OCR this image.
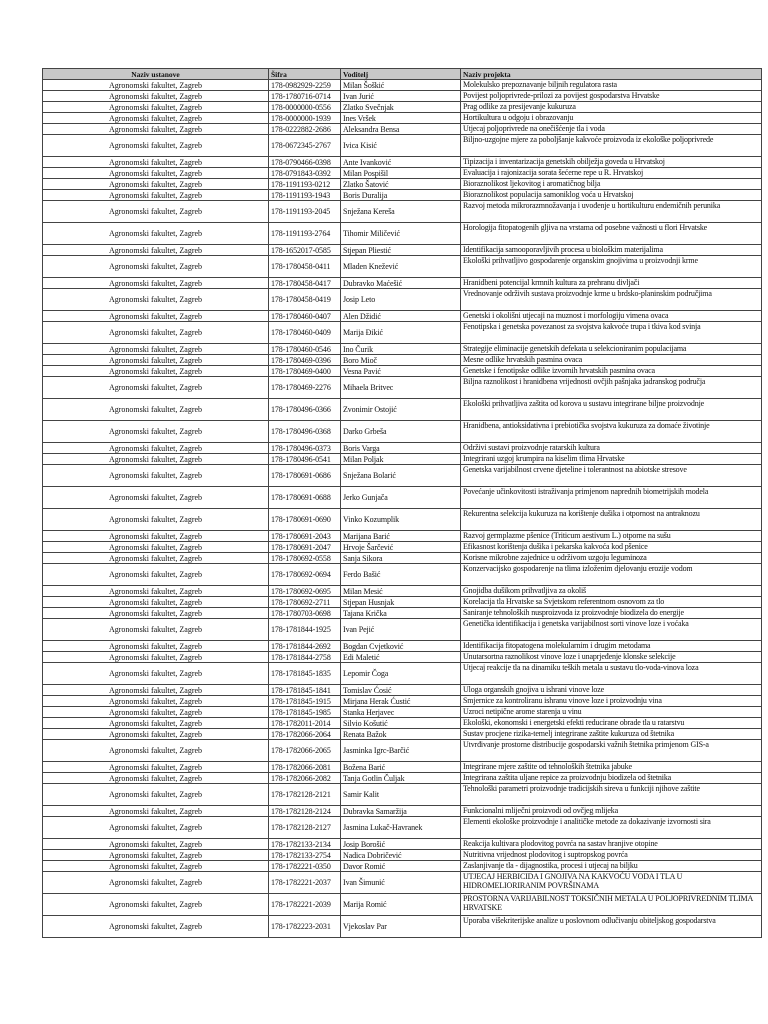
Naziv ustanove	Šifra	Voditelj	Naziv projekta
Agronomski fakultet, Zagreb	178-0982929-2259	Milan Šoškić	Molekulsko prepoznavanje biljnih regulatora rasta
Agronomski fakultet, Zagreb	178-1780716-0714	Ivan Jurić	Povijest poljoprivrede-prilozi za povijest gospodarstva Hrvatske
Agronomski fakultet, Zagreb	178-0000000-0556	Zlatko Svečnjak	Prag odlike za presijevanje kukuruza
Agronomski fakultet, Zagreb	178-0000000-1939	Ines Vršek	Hortikultura u odgoju i obrazovanju
Agronomski fakultet, Zagreb	178-0222882-2686	Aleksandra Bensa	Utjecaj poljoprivrede na onečišćenje tla i voda
Agronomski fakultet, Zagreb	178-0672345-2767	Ivica Kisić	Biljno-uzgojne mjere za poboljšanje kakvoće proizvoda iz ekološke poljoprivrede
Agronomski fakultet, Zagreb	178-0790466-0398	Ante Ivanković	Tipizacija i inventarizacija genetskih obilježja goveda u Hrvatskoj
Agronomski fakultet, Zagreb	178-0791843-0392	Milan Pospišil	Evaluacija i rajonizacija sorata šećerne repe u R. Hrvatskoj
Agronomski fakultet, Zagreb	178-1191193-0212	Zlatko Šatović	Bioraznolikost ljekovitog i aromatičnog bilja
Agronomski fakultet, Zagreb	178-1191193-1943	Boris Duralija	Bioraznolikost populacija samoniklog voća u Hrvatskoj
Agronomski fakultet, Zagreb	178-1191193-2045	Snježana Kereša	Razvoj metoda mikrorazmnožavanja i uvođenje u hortikulturu endemičnih perunika
Agronomski fakultet, Zagreb	178-1191193-2764	Tihomir Miličević	Horologija fitopatogenih gljiva na vrstama od posebne važnosti u flori Hrvatske
Agronomski fakultet, Zagreb	178-1652017-0585	Stjepan Pliestić	Identifikacija samooporavljivih procesa u biološkim materijalima
Agronomski fakultet, Zagreb	178-1780458-0411	Mladen Knežević	Ekološki prihvatljivo gospodarenje organskim gnojivima u proizvodnji krme
Agronomski fakultet, Zagreb	178-1780458-0417	Dubravko Maćešić	Hranidbeni potencijal krmnih kultura za prehranu divljači
Agronomski fakultet, Zagreb	178-1780458-0419	Josip Leto	Vrednovanje održivih sustava proizvodnje krme u brdsko-planinskim područjima
Agronomski fakultet, Zagreb	178-1780460-0407	Alen Džidić	Genetski i okolišni utjecaji na muznost i morfologiju vimena ovaca
Agronomski fakultet, Zagreb	178-1780460-0409	Marija Đikić	Fenotipska i genetska povezanost za svojstva kakvoće trupa i tkiva kod svinja
Agronomski fakultet, Zagreb	178-1780460-0546	Ino Čurik	Strategije eliminacije genetskih defekata u selekcioniranim populacijama
Agronomski fakultet, Zagreb	178-1780469-0396	Boro Mioč	Mesne odlike hrvatskih pasmina ovaca
Agronomski fakultet, Zagreb	178-1780469-0400	Vesna Pavić	Genetske i fenotipske odlike izvornih hrvatskih pasmina ovaca
Agronomski fakultet, Zagreb	178-1780469-2276	Mihaela Britvec	Biljna raznolikost i hranidbena vrijednosti ovčjih pašnjaka jadranskog područja
Agronomski fakultet, Zagreb	178-1780496-0366	Zvonimir Ostojić	Ekološki prihvatljiva zaštita od korova u sustavu integrirane biljne proizvodnje
Agronomski fakultet, Zagreb	178-1780496-0368	Darko Grbeša	Hranidbena, antioksidativna i prebiotička svojstva kukuruza za domaće životinje
Agronomski fakultet, Zagreb	178-1780496-0373	Boris Varga	Održivi sustavi proizvodnje ratarskih kultura
Agronomski fakultet, Zagreb	178-1780496-0541	Milan Poljak	Integrirani uzgoj krumpira na kiselim tlima Hrvatske
Agronomski fakultet, Zagreb	178-1780691-0686	Snježana Bolarić	Genetska varijabilnost crvene djeteline i tolerantnost na abiotske stresove
Agronomski fakultet, Zagreb	178-1780691-0688	Jerko Gunjača	Povećanje učinkovitosti istraživanja primjenom naprednih biometrijskih modela
Agronomski fakultet, Zagreb	178-1780691-0690	Vinko Kozumplik	Rekurentna selekcija kukuruza na korištenje dušika i otpornost na antraknozu
Agronomski fakultet, Zagreb	178-1780691-2043	Marijana Barić	Razvoj germplazme pšenice (Triticum aestivum L.) otporne na sušu
Agronomski fakultet, Zagreb	178-1780691-2047	Hrvoje Šarčević	Efikasnost korištenja dušika i pekarska kakvoća kod pšenice
Agronomski fakultet, Zagreb	178-1780692-0558	Sanja Sikora	Korisne mikrobne zajednice u održivom uzgoju leguminoza
Agronomski fakultet, Zagreb	178-1780692-0694	Ferdo Bašić	Konzervacijsko gospodarenje na tlima izloženim djelovanju erozije vodom
Agronomski fakultet, Zagreb	178-1780692-0695	Milan Mesić	Gnojidba dušikom prihvatljiva za okoliš
Agronomski fakultet, Zagreb	178-1780692-2711	Stjepan Husnjak	Korelacija tla Hrvatske sa Svjetskom referentnom osnovom za tlo
Agronomski fakultet, Zagreb	178-1780703-0698	Tajana Krička	Saniranje tehnoloških nusproizvoda iz proizvodnje biodizela do energije
Agronomski fakultet, Zagreb	178-1781844-1925	Ivan Pejić	Genetička identifikacija i genetska varijabilnost sorti vinove loze i voćaka
Agronomski fakultet, Zagreb	178-1781844-2692	Bogdan Cvjetković	Identifikacija fitopatogena molekularnim i drugim metodama
Agronomski fakultet, Zagreb	178-1781844-2758	Edi Maletić	Unutarsortna raznolikost vinove loze i unaprjeđenje klonske selekcije
Agronomski fakultet, Zagreb	178-1781845-1835	Lepomir Čoga	Utjecaj reakcije tla na dinamiku teških metala u sustavu tlo-voda-vinova loza
Agronomski fakultet, Zagreb	178-1781845-1841	Tomislav Ćosić	Uloga organskih gnojiva u ishrani vinove loze
Agronomski fakultet, Zagreb	178-1781845-1915	Mirjana Herak Ćustić	Smjernice za kontroliranu ishranu vinove loze i proizvodnju vina
Agronomski fakultet, Zagreb	178-1781845-1985	Stanka Herjavec	Uzroci netipične arome starenja u vinu
Agronomski fakultet, Zagreb	178-1782011-2014	Silvio Košutić	Ekološki, ekonomski i energetski efekti reducirane obrade tla u ratarstvu
Agronomski fakultet, Zagreb	178-1782066-2064	Renata Bažok	Sustav procjene rizika-temelj integrirane zaštite kukuruza od štetnika
Agronomski fakultet, Zagreb	178-1782066-2065	Jasminka Igrc-Barčić	Utvrđivanje prostorne distribucije gospodarski važnih štetnika primjenom GIS-a
Agronomski fakultet, Zagreb	178-1782066-2081	Božena Barić	Integrirane mjere zaštite od tehnoloških štetnika jabuke
Agronomski fakultet, Zagreb	178-1782066-2082	Tanja Gotlin Čuljak	Integrirana zaštita uljane repice za proizvodnju biodizela od štetnika
Agronomski fakultet, Zagreb	178-1782128-2121	Samir Kalit	Tehnološki parametri proizvodnje tradicijskih sireva u funkciji njihove zaštite
Agronomski fakultet, Zagreb	178-1782128-2124	Dubravka Samaržija	Funkcionalni mliječni proizvodi od ovčjeg mlijeka
Agronomski fakultet, Zagreb	178-1782128-2127	Jasmina Lukač-Havranek	Elementi ekološke proizvodnje i analitičke metode za dokazivanje izvornosti sira
Agronomski fakultet, Zagreb	178-1782133-2134	Josip Borošić	Reakcija kultivara plodovitog povrća na sastav hranjive otopine
Agronomski fakultet, Zagreb	178-1782133-2754	Nadica Dobričević	Nutritivna vrijednost plodovitog i suptropskog povrća
Agronomski fakultet, Zagreb	178-1782221-0350	Davor Romić	Zaslanjivanje tla - dijagnostika, procesi i utjecaj na biljku
Agronomski fakultet, Zagreb	178-1782221-2037	Ivan Šimunić	UTJECAJ HERBICIDA I GNOJIVA NA KAKVOĆU VODA I TLA U HIDROMELIORIRANIM POVRŠINAMA
Agronomski fakultet, Zagreb	178-1782221-2039	Marija Romić	PROSTORNA VARIJABILNOST TOKSIČNIH METALA U POLJOPRIVREDNIM TLIMA HRVATSKE
Agronomski fakultet, Zagreb	178-1782223-2031	Vjekoslav Par	Uporaba višekriterijske analize u poslovnom odlučivanju obiteljskog gospodarstva
